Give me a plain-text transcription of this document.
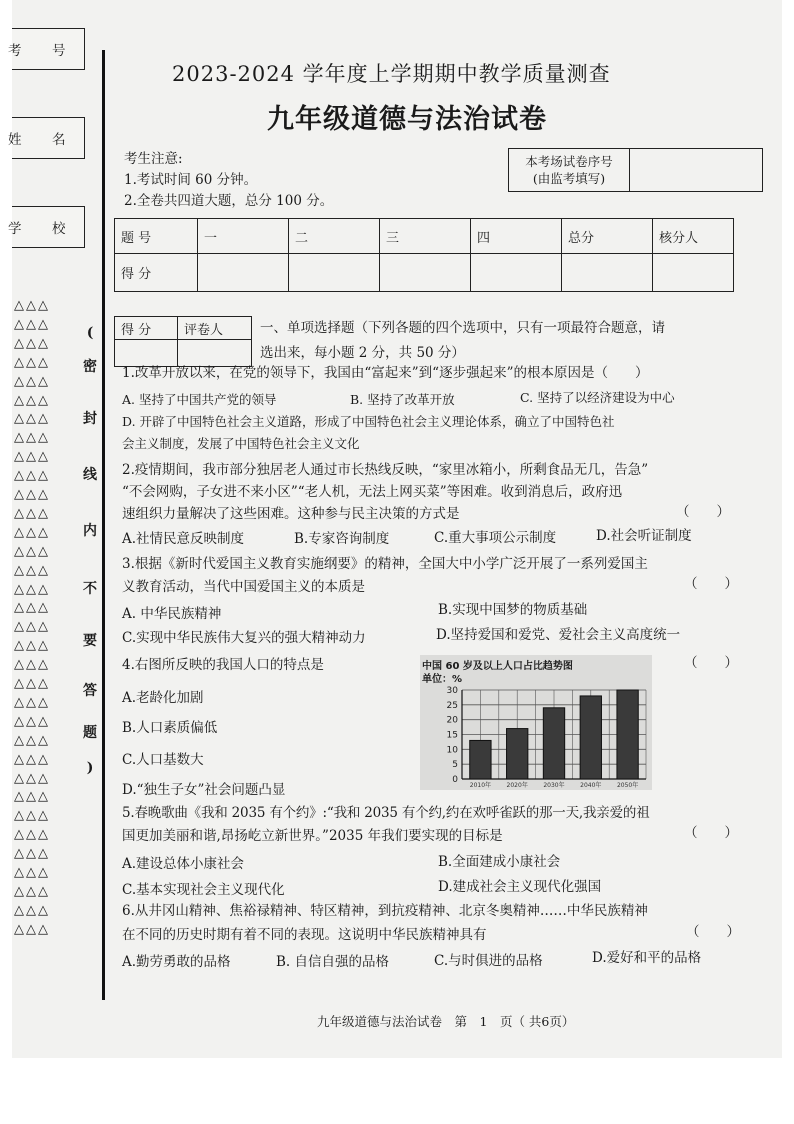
考 号
姓 名
学 校
△△△
△△△
△△△
△△△
△△△
△△△
△△△
△△△
△△△
△△△
△△△
△△△
△△△
△△△
△△△
△△△
△△△
△△△
△△△
△△△
△△△
△△△
△△△
△△△
△△△
△△△
△△△
△△△
△△△
△△△
△△△
△△△
△△△
△△△
(
密
封
线
内
不
要
答
题
)
2023-2024 学年度上学期期中教学质量测查
九年级道德与法治试卷
考生注意:
1.考试时间 60 分钟。
2.全卷共四道大题，总分 100 分。
本考场试卷序号
(由监考填写)	
题 号	一	二	三	四	总分	核分人
得 分						
得 分	评卷人
		一、单项选择题（下列各题的四个选项中，只有一项最符合题意，请
选出来，每小题 2 分，共 50 分）
1.改革开放以来，在党的领导下，我国由“富起来”到“逐步强起来”的根本原因是（　　）
A. 坚持了中国共产党的领导	B. 坚持了改革开放	C. 坚持了以经济建设为中心
D. 开辟了中国特色社会主义道路，形成了中国特色社会主义理论体系，确立了中国特色社
会主义制度，发展了中国特色社会主义文化
2.疫情期间，我市部分独居老人通过市长热线反映，“家里冰箱小，所剩食品无几，告急”
“不会网购，子女进不来小区”“老人机，无法上网买菜”等困难。收到消息后，政府迅
速组织力量解决了这些困难。这种参与民主决策的方式是	（　　）
A.社情民意反映制度	B.专家咨询制度	C.重大事项公示制度	D.社会听证制度
3.根据《新时代爱国主义教育实施纲要》的精神，全国大中小学广泛开展了一系列爱国主
义教育活动，当代中国爱国主义的本质是	（　　）
A. 中华民族精神	B.实现中国梦的物质基础
C.实现中华民族伟大复兴的强大精神动力	D.坚持爱国和爱党、爱社会主义高度统一
4.右图所反映的我国人口的特点是	（　　）
A.老龄化加剧
B.人口素质偏低
C.人口基数大
D.“独生子女”社会问题凸显
中国 60 岁及以上人口占比趋势图
单位：%
30
25
20
15
10
5
0
2010年	2020年	2030年	2040年	2050年
5.春晚歌曲《我和 2035 有个约》:“我和 2035 有个约,约在欢呼雀跃的那一天,我亲爱的祖
国更加美丽和谐,昂扬屹立新世界。”2035 年我们要实现的目标是	（　　）
A.建设总体小康社会	B.全面建成小康社会
C.基本实现社会主义现代化	D.建成社会主义现代化强国
6.从井冈山精神、焦裕禄精神、特区精神，到抗疫精神、北京冬奥精神……中华民族精神
在不同的历史时期有着不同的表现。这说明中华民族精神具有	（　　）
A.勤劳勇敢的品格	B. 自信自强的品格	C.与时俱进的品格	D.爱好和平的品格
九年级道德与法治试卷　第　1　页（ 共6页）
